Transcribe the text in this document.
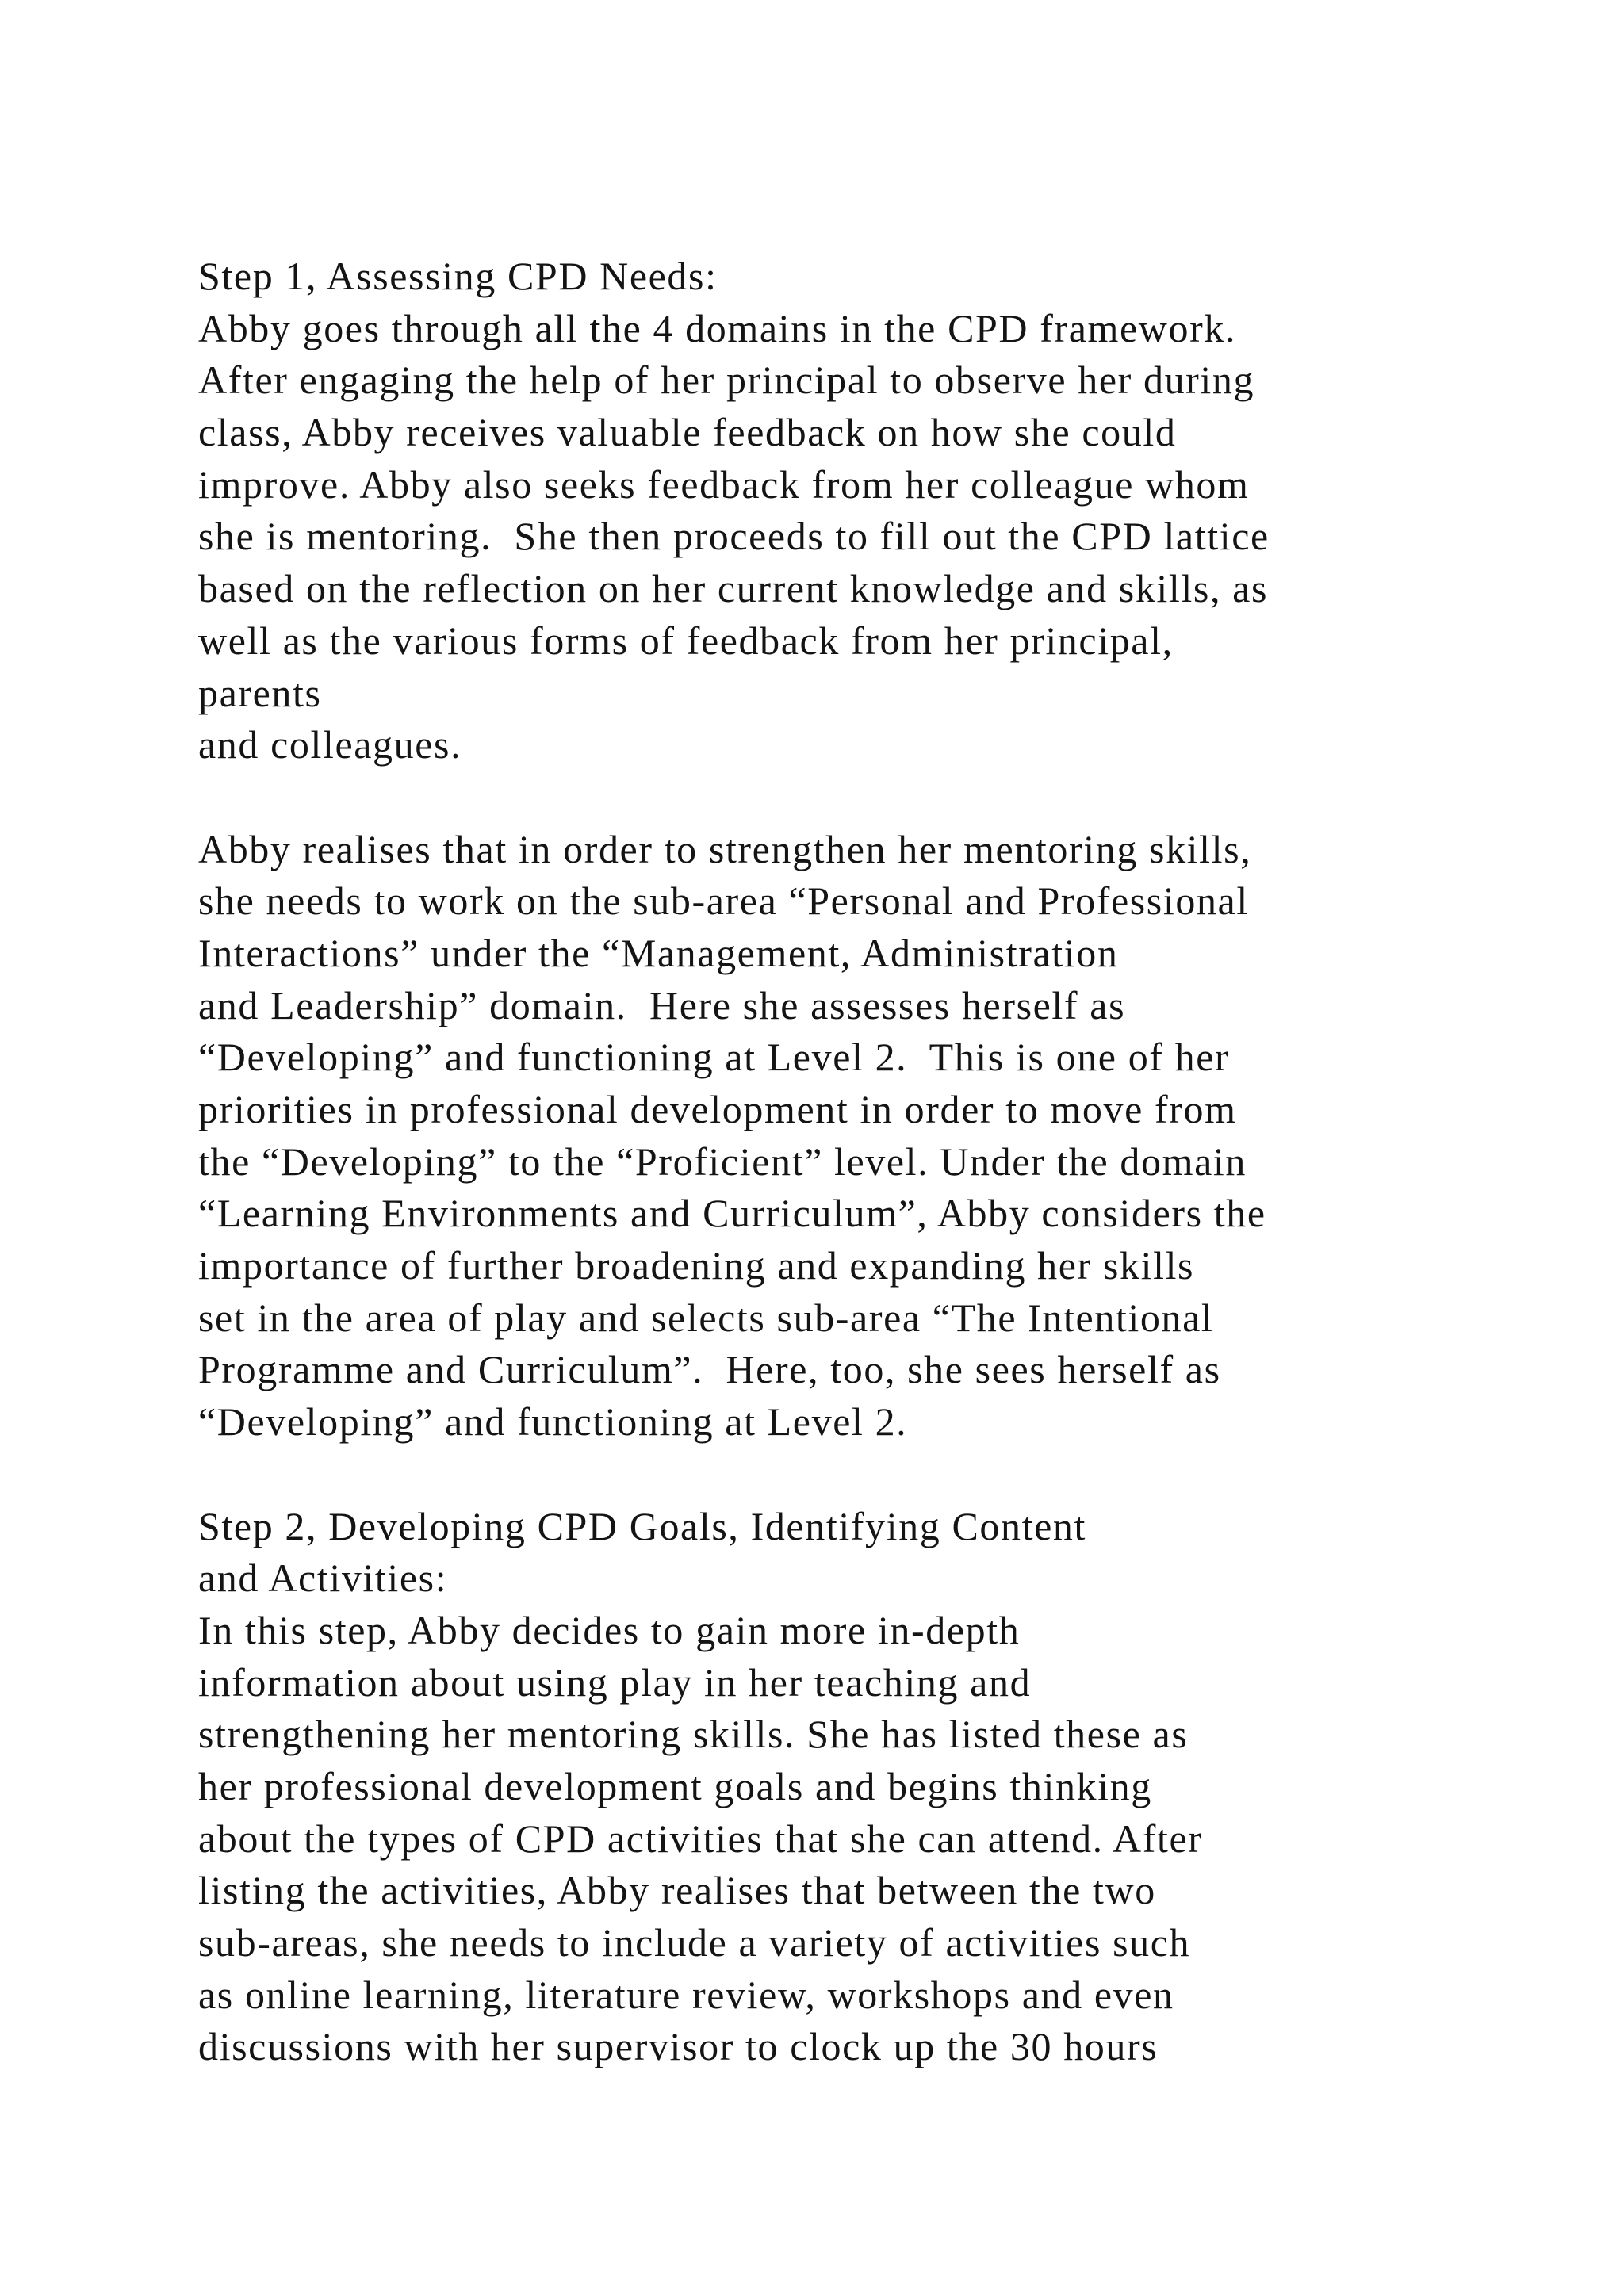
Step 1, Assessing CPD Needs:
Abby goes through all the 4 domains in the CPD framework.
After engaging the help of her principal to observe her during
class, Abby receives valuable feedback on how she could
improve. Abby also seeks feedback from her colleague whom
she is mentoring.  She then proceeds to fill out the CPD lattice
based on the reflection on her current knowledge and skills, as
well as the various forms of feedback from her principal,
parents
and colleagues.
Abby realises that in order to strengthen her mentoring skills,
she needs to work on the sub-area “Personal and Professional
Interactions” under the “Management, Administration
and Leadership” domain.  Here she assesses herself as
“Developing” and functioning at Level 2.  This is one of her
priorities in professional development in order to move from
the “Developing” to the “Proficient” level. Under the domain
“Learning Environments and Curriculum”, Abby considers the
importance of further broadening and expanding her skills
set in the area of play and selects sub-area “The Intentional
Programme and Curriculum”.  Here, too, she sees herself as
“Developing” and functioning at Level 2.
Step 2, Developing CPD Goals, Identifying Content
and Activities:
In this step, Abby decides to gain more in-depth
information about using play in her teaching and
strengthening her mentoring skills. She has listed these as
her professional development goals and begins thinking
about the types of CPD activities that she can attend. After
listing the activities, Abby realises that between the two
sub-areas, she needs to include a variety of activities such
as online learning, literature review, workshops and even
discussions with her supervisor to clock up the 30 hours
